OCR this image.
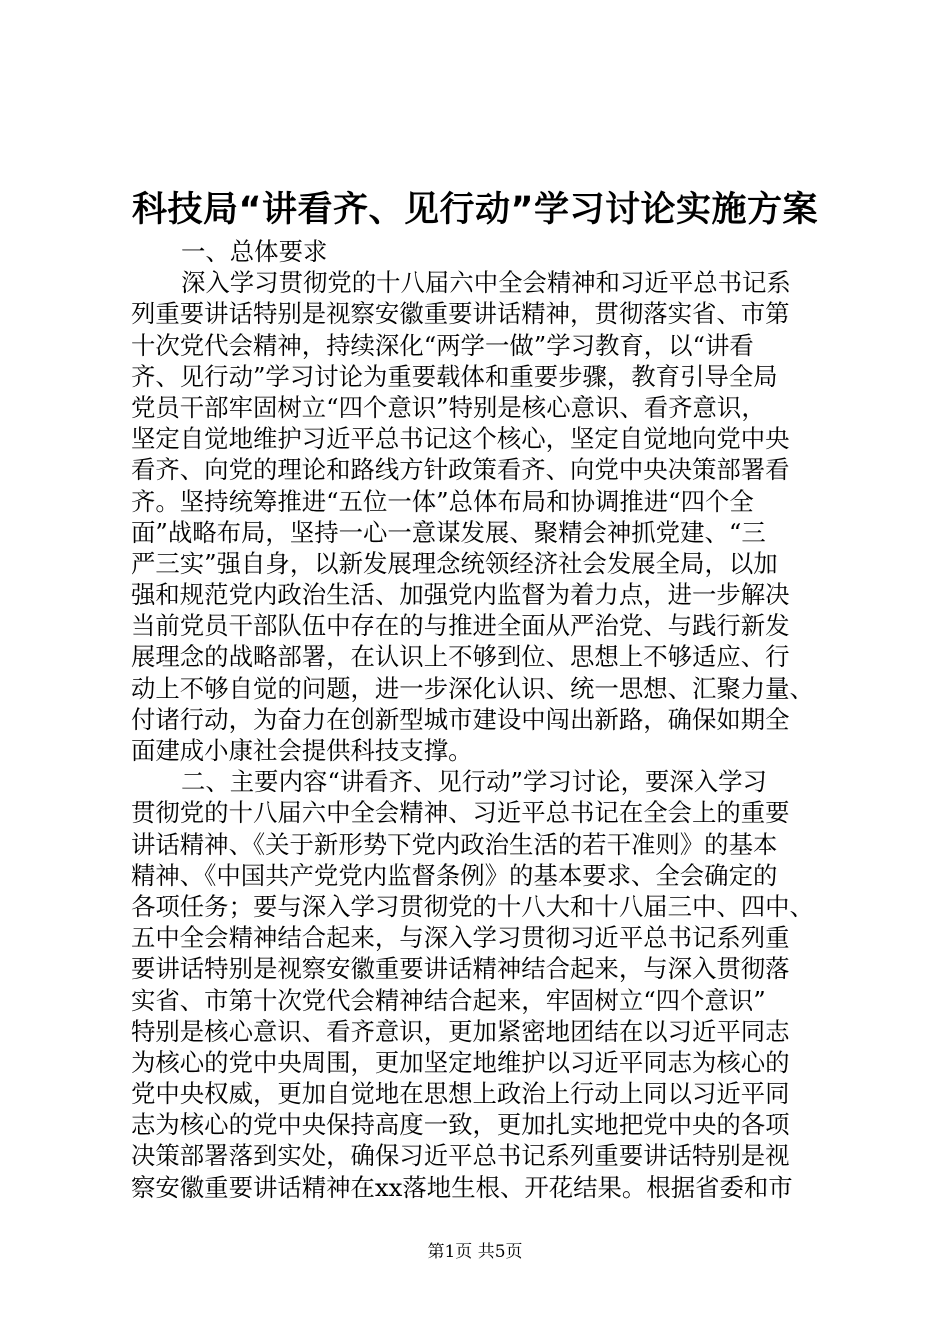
科技局“讲看齐、见行动”学习讨论实施方案
一、总体要求
深入学习贯彻党的十八届六中全会精神和习近平总书记系
列重要讲话特别是视察安徽重要讲话精神，贯彻落实省、市第
十次党代会精神，持续深化“两学一做”学习教育，以“讲看
齐、见行动”学习讨论为重要载体和重要步骤，教育引导全局
党员干部牢固树立“四个意识”特别是核心意识、看齐意识，
坚定自觉地维护习近平总书记这个核心，坚定自觉地向党中央
看齐、向党的理论和路线方针政策看齐、向党中央决策部署看
齐。坚持统筹推进“五位一体”总体布局和协调推进“四个全
面”战略布局，坚持一心一意谋发展、聚精会神抓党建、“三
严三实”强自身，以新发展理念统领经济社会发展全局，以加
强和规范党内政治生活、加强党内监督为着力点，进一步解决
当前党员干部队伍中存在的与推进全面从严治党、与践行新发
展理念的战略部署，在认识上不够到位、思想上不够适应、行
动上不够自觉的问题，进一步深化认识、统一思想、汇聚力量、
付诸行动，为奋力在创新型城市建设中闯出新路，确保如期全
面建成小康社会提供科技支撑。
二、主要内容“讲看齐、见行动”学习讨论，要深入学习
贯彻党的十八届六中全会精神、习近平总书记在全会上的重要
讲话精神、《关于新形势下党内政治生活的若干准则》的基本
精神、《中国共产党党内监督条例》的基本要求、全会确定的
各项任务；要与深入学习贯彻党的十八大和十八届三中、四中、
五中全会精神结合起来，与深入学习贯彻习近平总书记系列重
要讲话特别是视察安徽重要讲话精神结合起来，与深入贯彻落
实省、市第十次党代会精神结合起来，牢固树立“四个意识”
特别是核心意识、看齐意识，更加紧密地团结在以习近平同志
为核心的党中央周围，更加坚定地维护以习近平同志为核心的
党中央权威，更加自觉地在思想上政治上行动上同以习近平同
志为核心的党中央保持高度一致，更加扎实地把党中央的各项
决策部署落到实处，确保习近平总书记系列重要讲话特别是视
察安徽重要讲话精神在xx落地生根、开花结果。根据省委和市
第1页 共5页
